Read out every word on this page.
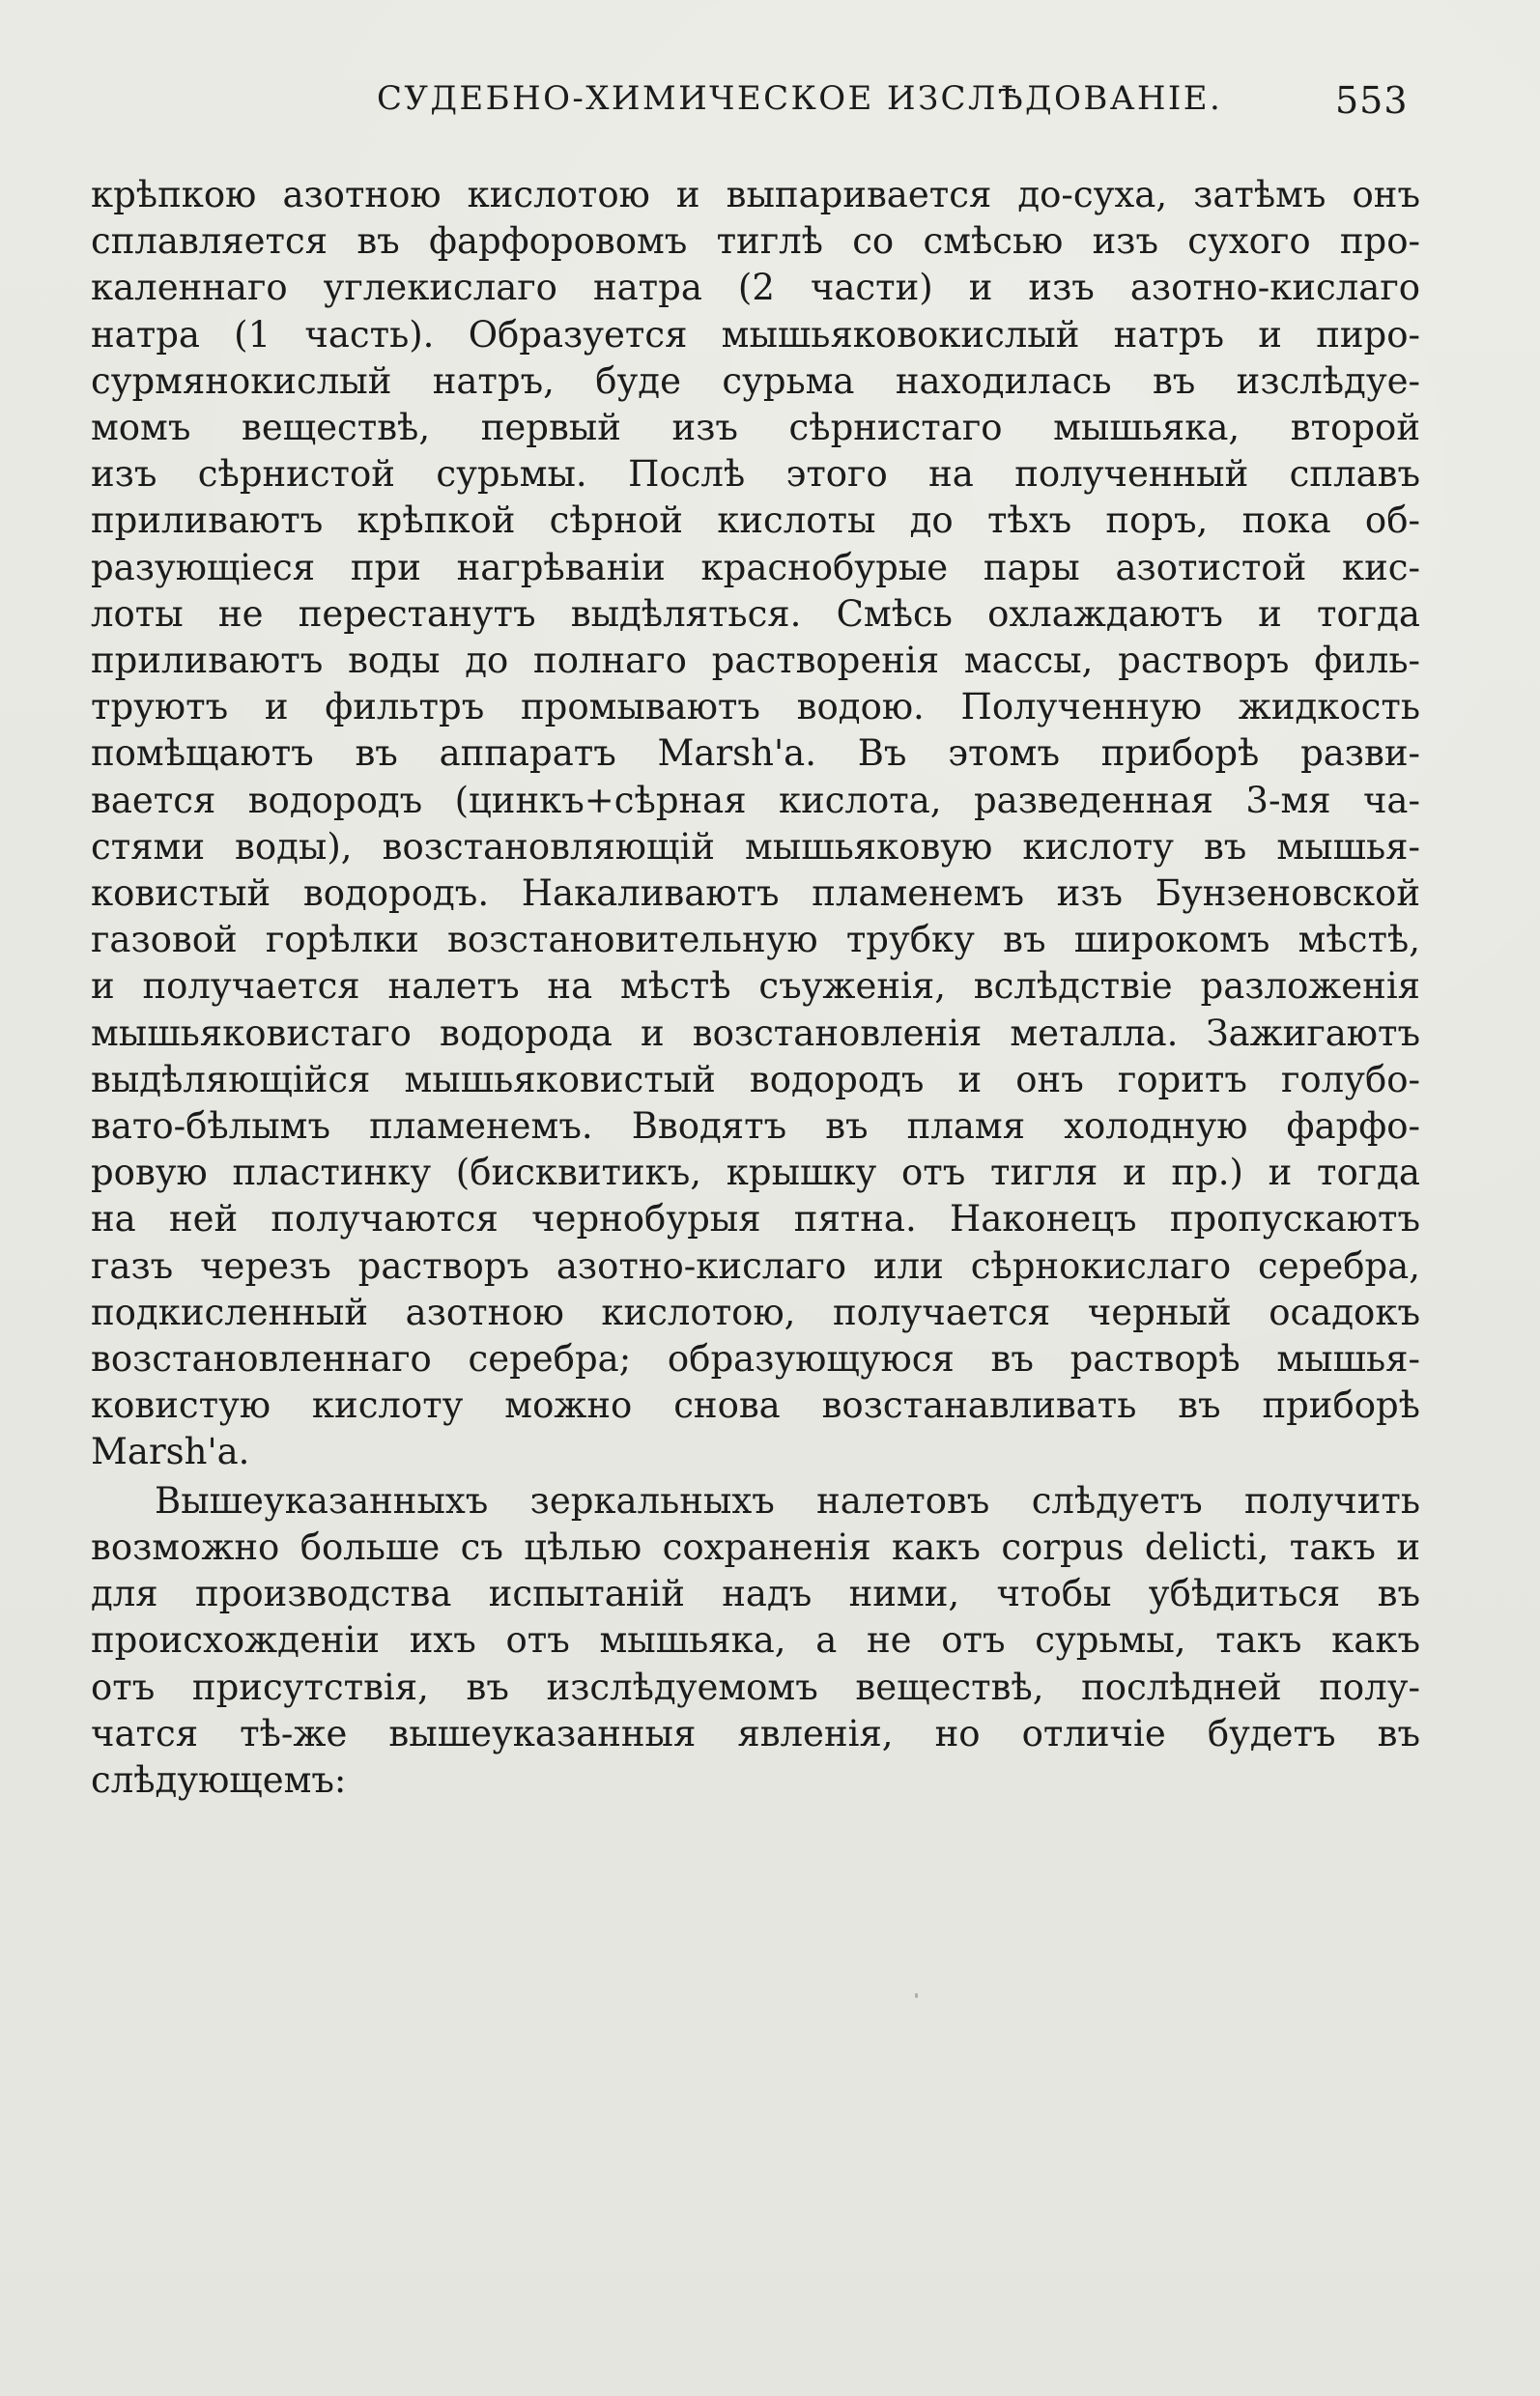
СУДЕБНО-ХИМИЧЕСКОЕ ИЗСЛѢДОВАНІЕ.	553
крѣпкою азотною кислотою и выпаривается до-суха, затѣмъ онъ
сплавляется въ фарфоровомъ тиглѣ со смѣсью изъ сухого про-
каленнаго углекислаго натра (2 части) и изъ азотно-кислаго
натра (1 часть). Образуется мышьяковокислый натръ и пиро-
сурмянокислый натръ, буде сурьма находилась въ изслѣдуе-
момъ веществѣ, первый изъ сѣрнистаго мышьяка, второй
изъ сѣрнистой сурьмы. Послѣ этого на полученный сплавъ
приливаютъ крѣпкой сѣрной кислоты до тѣхъ поръ, пока об-
разующіеся при нагрѣваніи краснобурые пары азотистой кис-
лоты не перестанутъ выдѣляться. Смѣсь охлаждаютъ и тогда
приливаютъ воды до полнаго растворенія массы, растворъ филь-
труютъ и фильтръ промываютъ водою. Полученную жидкость
помѣщаютъ въ аппаратъ Marsh'a. Въ этомъ приборѣ разви-
вается водородъ (цинкъ+сѣрная кислота, разведенная 3-мя ча-
стями воды), возстановляющій мышьяковую кислоту въ мышья-
ковистый водородъ. Накаливаютъ пламенемъ изъ Бунзеновской
газовой горѣлки возстановительную трубку въ широкомъ мѣстѣ,
и получается налетъ на мѣстѣ съуженія, вслѣдствіе разложенія
мышьяковистаго водорода и возстановленія металла. Зажигаютъ
выдѣляющійся мышьяковистый водородъ и онъ горитъ голубо-
вато-бѣлымъ пламенемъ. Вводятъ въ пламя холодную фарфо-
ровую пластинку (бисквитикъ, крышку отъ тигля и пр.) и тогда
на ней получаются чернобурыя пятна. Наконецъ пропускаютъ
газъ черезъ растворъ азотно-кислаго или сѣрнокислаго серебра,
подкисленный азотною кислотою, получается черный осадокъ
возстановленнаго серебра; образующуюся въ растворѣ мышья-
ковистую кислоту можно снова возстанавливать въ приборѣ
Marsh'a.
Вышеуказанныхъ зеркальныхъ налетовъ слѣдуетъ получить
возможно больше съ цѣлью сохраненія какъ corpus delicti, такъ и
для производства испытаній надъ ними, чтобы убѣдиться въ
происхожденіи ихъ отъ мышьяка, а не отъ сурьмы, такъ какъ
отъ присутствія, въ изслѣдуемомъ веществѣ, послѣдней полу-
чатся тѣ-же вышеуказанныя явленія, но отличіе будетъ въ
слѣдующемъ:
